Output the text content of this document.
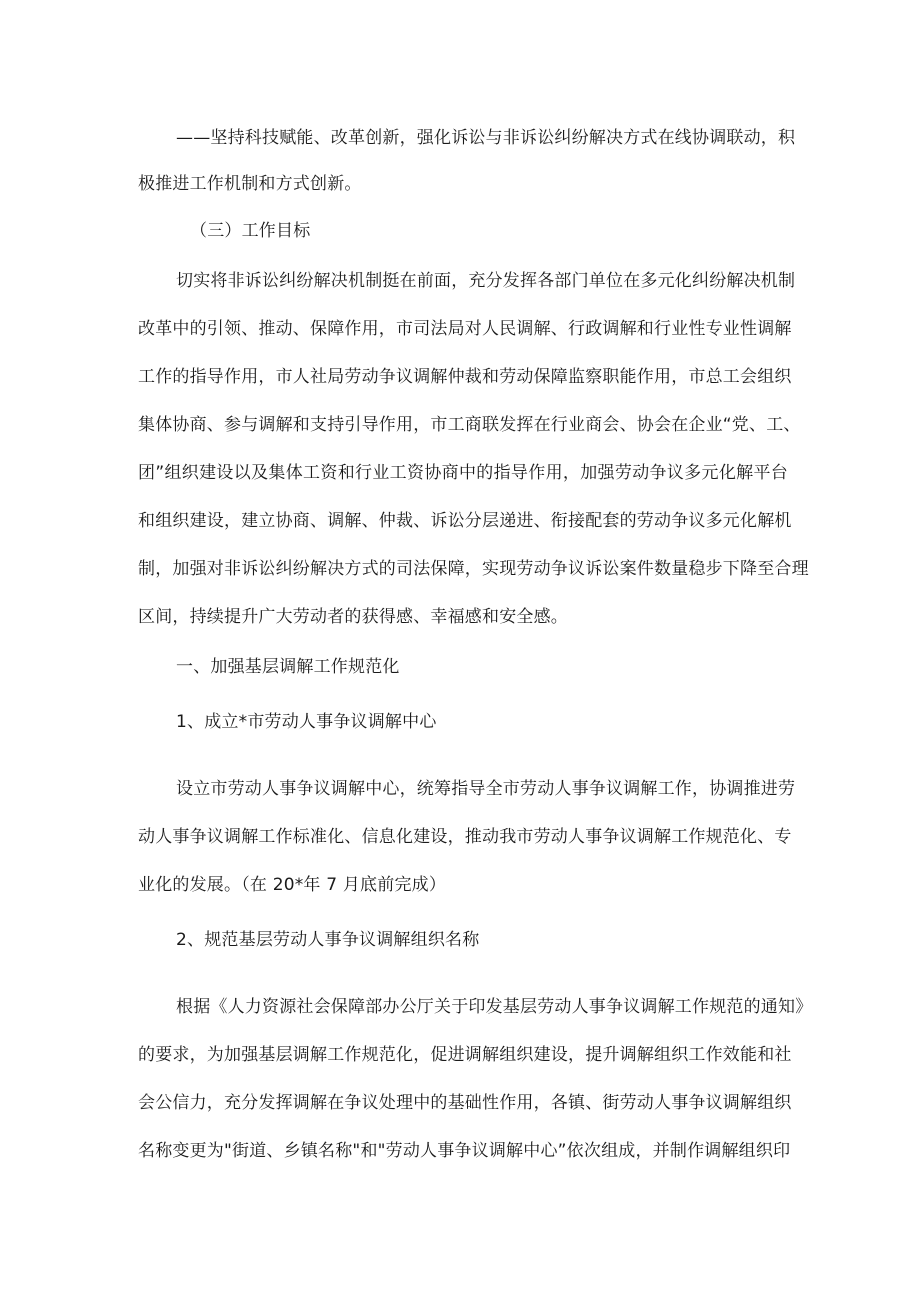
——坚持科技赋能、改革创新，强化诉讼与非诉讼纠纷解决方式在线协调联动，积
极推进工作机制和方式创新。
（三）工作目标
切实将非诉讼纠纷解决机制挺在前面，充分发挥各部门单位在多元化纠纷解决机制
改革中的引领、推动、保障作用，市司法局对人民调解、行政调解和行业性专业性调解
工作的指导作用，市人社局劳动争议调解仲裁和劳动保障监察职能作用，市总工会组织
集体协商、参与调解和支持引导作用，市工商联发挥在行业商会、协会在企业“党、工、
团”组织建设以及集体工资和行业工资协商中的指导作用，加强劳动争议多元化解平台
和组织建设，建立协商、调解、仲裁、诉讼分层递进、衔接配套的劳动争议多元化解机
制，加强对非诉讼纠纷解决方式的司法保障，实现劳动争议诉讼案件数量稳步下降至合理
区间，持续提升广大劳动者的获得感、幸福感和安全感。
一、加强基层调解工作规范化
1、成立*市劳动人事争议调解中心
设立市劳动人事争议调解中心，统筹指导全市劳动人事争议调解工作，协调推进劳
动人事争议调解工作标准化、信息化建设，推动我市劳动人事争议调解工作规范化、专
业化的发展。（在 20*年 7 月底前完成）
2、规范基层劳动人事争议调解组织名称
根据《人力资源社会保障部办公厅关于印发基层劳动人事争议调解工作规范的通知》
的要求，为加强基层调解工作规范化，促进调解组织建设，提升调解组织工作效能和社
会公信力，充分发挥调解在争议处理中的基础性作用，各镇、街劳动人事争议调解组织
名称变更为"街道、乡镇名称"和"劳动人事争议调解中心”依次组成，并制作调解组织印
